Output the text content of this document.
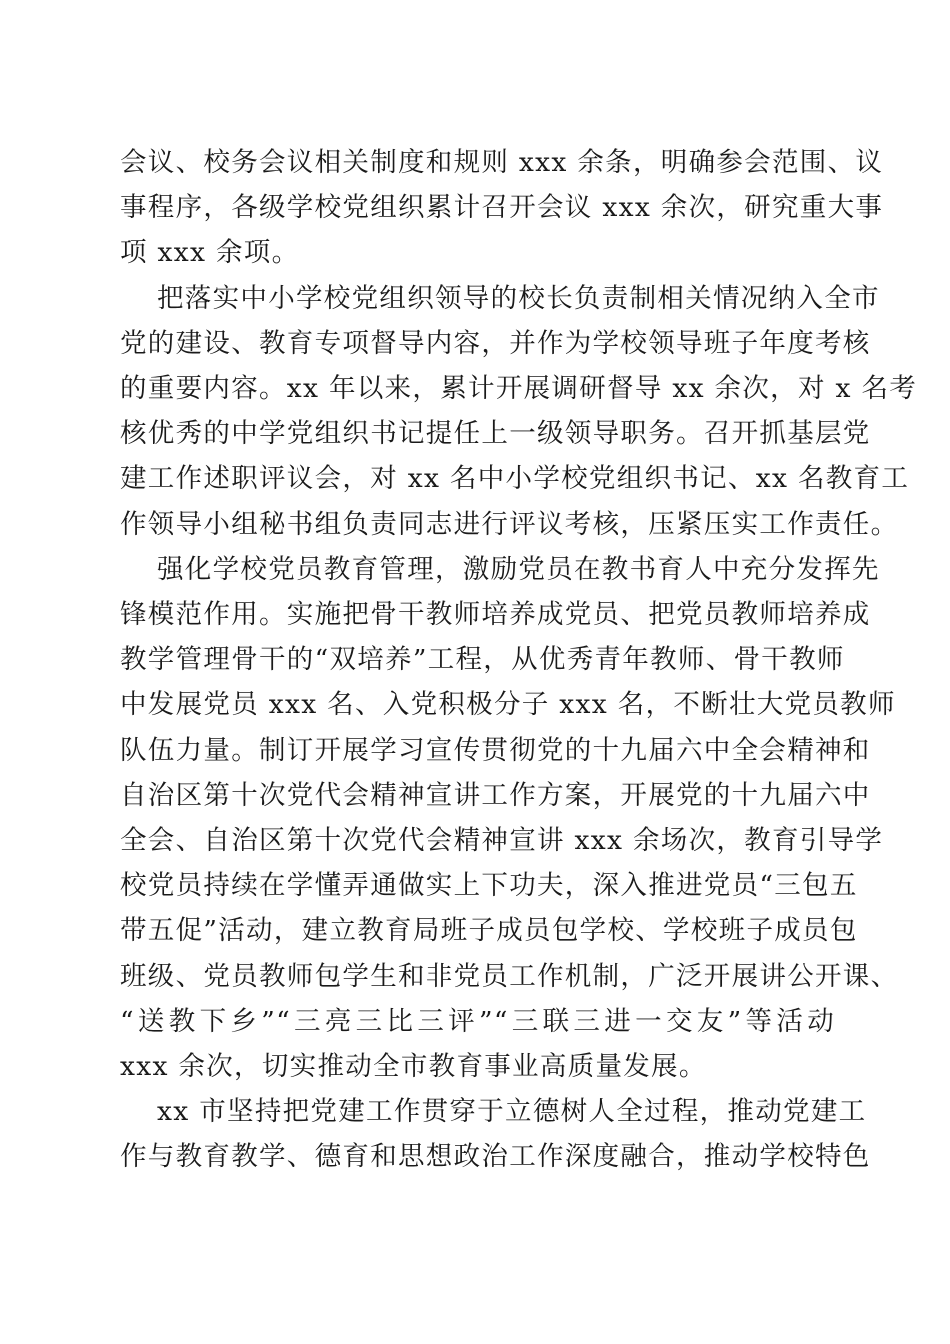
会议、校务会议相关制度和规则 xxx 余条，明确参会范围、议
事程序，各级学校党组织累计召开会议 xxx 余次，研究重大事
项 xxx 余项。

把落实中小学校党组织领导的校长负责制相关情况纳入全市
党的建设、教育专项督导内容，并作为学校领导班子年度考核
的重要内容。xx 年以来，累计开展调研督导 xx 余次，对 x 名考
核优秀的中学党组织书记提任上一级领导职务。召开抓基层党
建工作述职评议会，对 xx 名中小学校党组织书记、xx 名教育工
作领导小组秘书组负责同志进行评议考核，压紧压实工作责任。

强化学校党员教育管理，激励党员在教书育人中充分发挥先
锋模范作用。实施把骨干教师培养成党员、把党员教师培养成
教学管理骨干的“双培养”工程，从优秀青年教师、骨干教师
中发展党员 xxx 名、入党积极分子 xxx 名，不断壮大党员教师
队伍力量。制订开展学习宣传贯彻党的十九届六中全会精神和
自治区第十次党代会精神宣讲工作方案，开展党的十九届六中
全会、自治区第十次党代会精神宣讲 xxx 余场次，教育引导学
校党员持续在学懂弄通做实上下功夫，深入推进党员“三包五
带五促”活动，建立教育局班子成员包学校、学校班子成员包
班级、党员教师包学生和非党员工作机制，广泛开展讲公开课、
“送教下乡”“三亮三比三评”“三联三进一交友”等活动
xxx 余次，切实推动全市教育事业高质量发展。

xx 市坚持把党建工作贯穿于立德树人全过程，推动党建工
作与教育教学、德育和思想政治工作深度融合，推动学校特色
